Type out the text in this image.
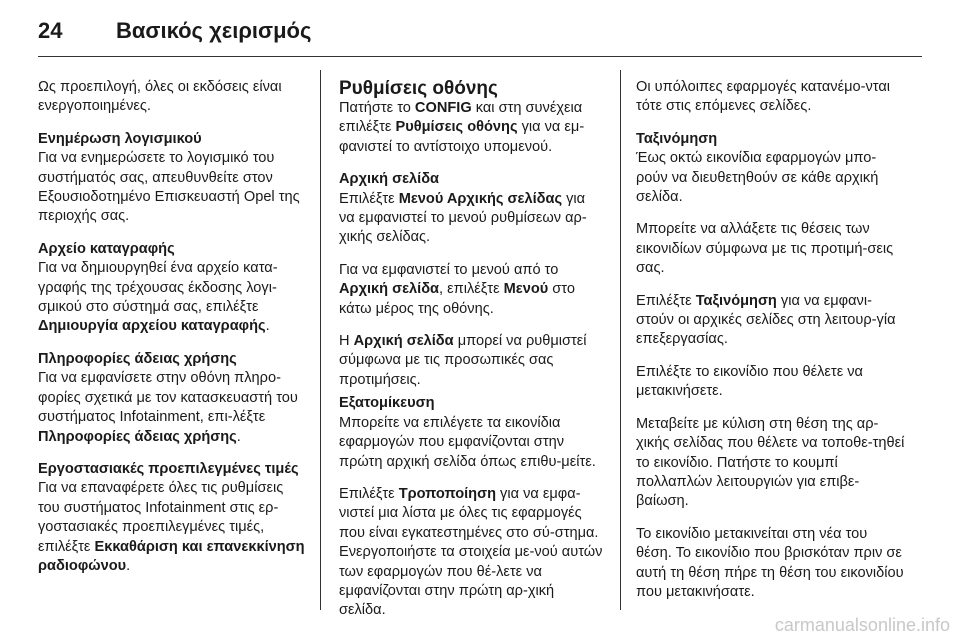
24	Βασικός χειρισμός

Ως προεπιλογή, όλες οι εκδόσεις είναι ενεργοποιημένες.

Ενημέρωση λογισμικού
Για να ενημερώσετε το λογισμικό του συστήματός σας, απευθυνθείτε στον Εξουσιοδοτημένο Επισκευαστή Opel της περιοχής σας.
Αρχείο καταγραφής
Για να δημιουργηθεί ένα αρχείο κατα-γραφής της τρέχουσας έκδοσης λογι-σμικού στο σύστημά σας, επιλέξτε Δημιουργία αρχείου καταγραφής.
Πληροφορίες άδειας χρήσης
Για να εμφανίσετε στην οθόνη πληρο-φορίες σχετικά με τον κατασκευαστή του συστήματος Infotainment, επι-λέξτε Πληροφορίες άδειας χρήσης.
Εργοστασιακές προεπιλεγμένες τιμές
Για να επαναφέρετε όλες τις ρυθμίσεις του συστήματος Infotainment στις ερ-γοστασιακές προεπιλεγμένες τιμές, επιλέξτε Εκκαθάριση και επανεκκίνηση ραδιοφώνου.
Ρυθμίσεις οθόνης

Πατήστε το CONFIG και στη συνέχεια επιλέξτε Ρυθμίσεις οθόνης για να εμ-φανιστεί το αντίστοιχο υπομενού.

Αρχική σελίδα
Επιλέξτε Μενού Αρχικής σελίδας για να εμφανιστεί το μενού ρυθμίσεων αρ-χικής σελίδας.

Για να εμφανιστεί το μενού από το Αρχική σελίδα, επιλέξτε Μενού στο κάτω μέρος της οθόνης.

Η Αρχική σελίδα μπορεί να ρυθμιστεί σύμφωνα με τις προσωπικές σας προτιμήσεις.

Εξατομίκευση
Μπορείτε να επιλέγετε τα εικονίδια εφαρμογών που εμφανίζονται στην πρώτη αρχική σελίδα όπως επιθυ-μείτε.

Επιλέξτε Τροποποίηση για να εμφα-νιστεί μια λίστα με όλες τις εφαρμογές που είναι εγκατεστημένες στο σύ-στημα. Ενεργοποιήστε τα στοιχεία με-νού αυτών των εφαρμογών που θέ-λετε να εμφανίζονται στην πρώτη αρ-χική σελίδα.

Οι υπόλοιπες εφαρμογές κατανέμο-νται τότε στις επόμενες σελίδες.

Ταξινόμηση
Έως οκτώ εικονίδια εφαρμογών μπο-ρούν να διευθετηθούν σε κάθε αρχική σελίδα.

Μπορείτε να αλλάξετε τις θέσεις των εικονιδίων σύμφωνα με τις προτιμή-σεις σας.

Επιλέξτε Ταξινόμηση για να εμφανι-στούν οι αρχικές σελίδες στη λειτουρ-γία επεξεργασίας.

Επιλέξτε το εικονίδιο που θέλετε να μετακινήσετε.

Μεταβείτε με κύλιση στη θέση της αρ-χικής σελίδας που θέλετε να τοποθε-τηθεί το εικονίδιο. Πατήστε το κουμπί πολλαπλών λειτουργιών για επιβε-βαίωση.

Το εικονίδιο μετακινείται στη νέα του θέση. Το εικονίδιο που βρισκόταν πριν σε αυτή τη θέση πήρε τη θέση του εικονιδίου που μετακινήσατε.

carmanualsonline.info
